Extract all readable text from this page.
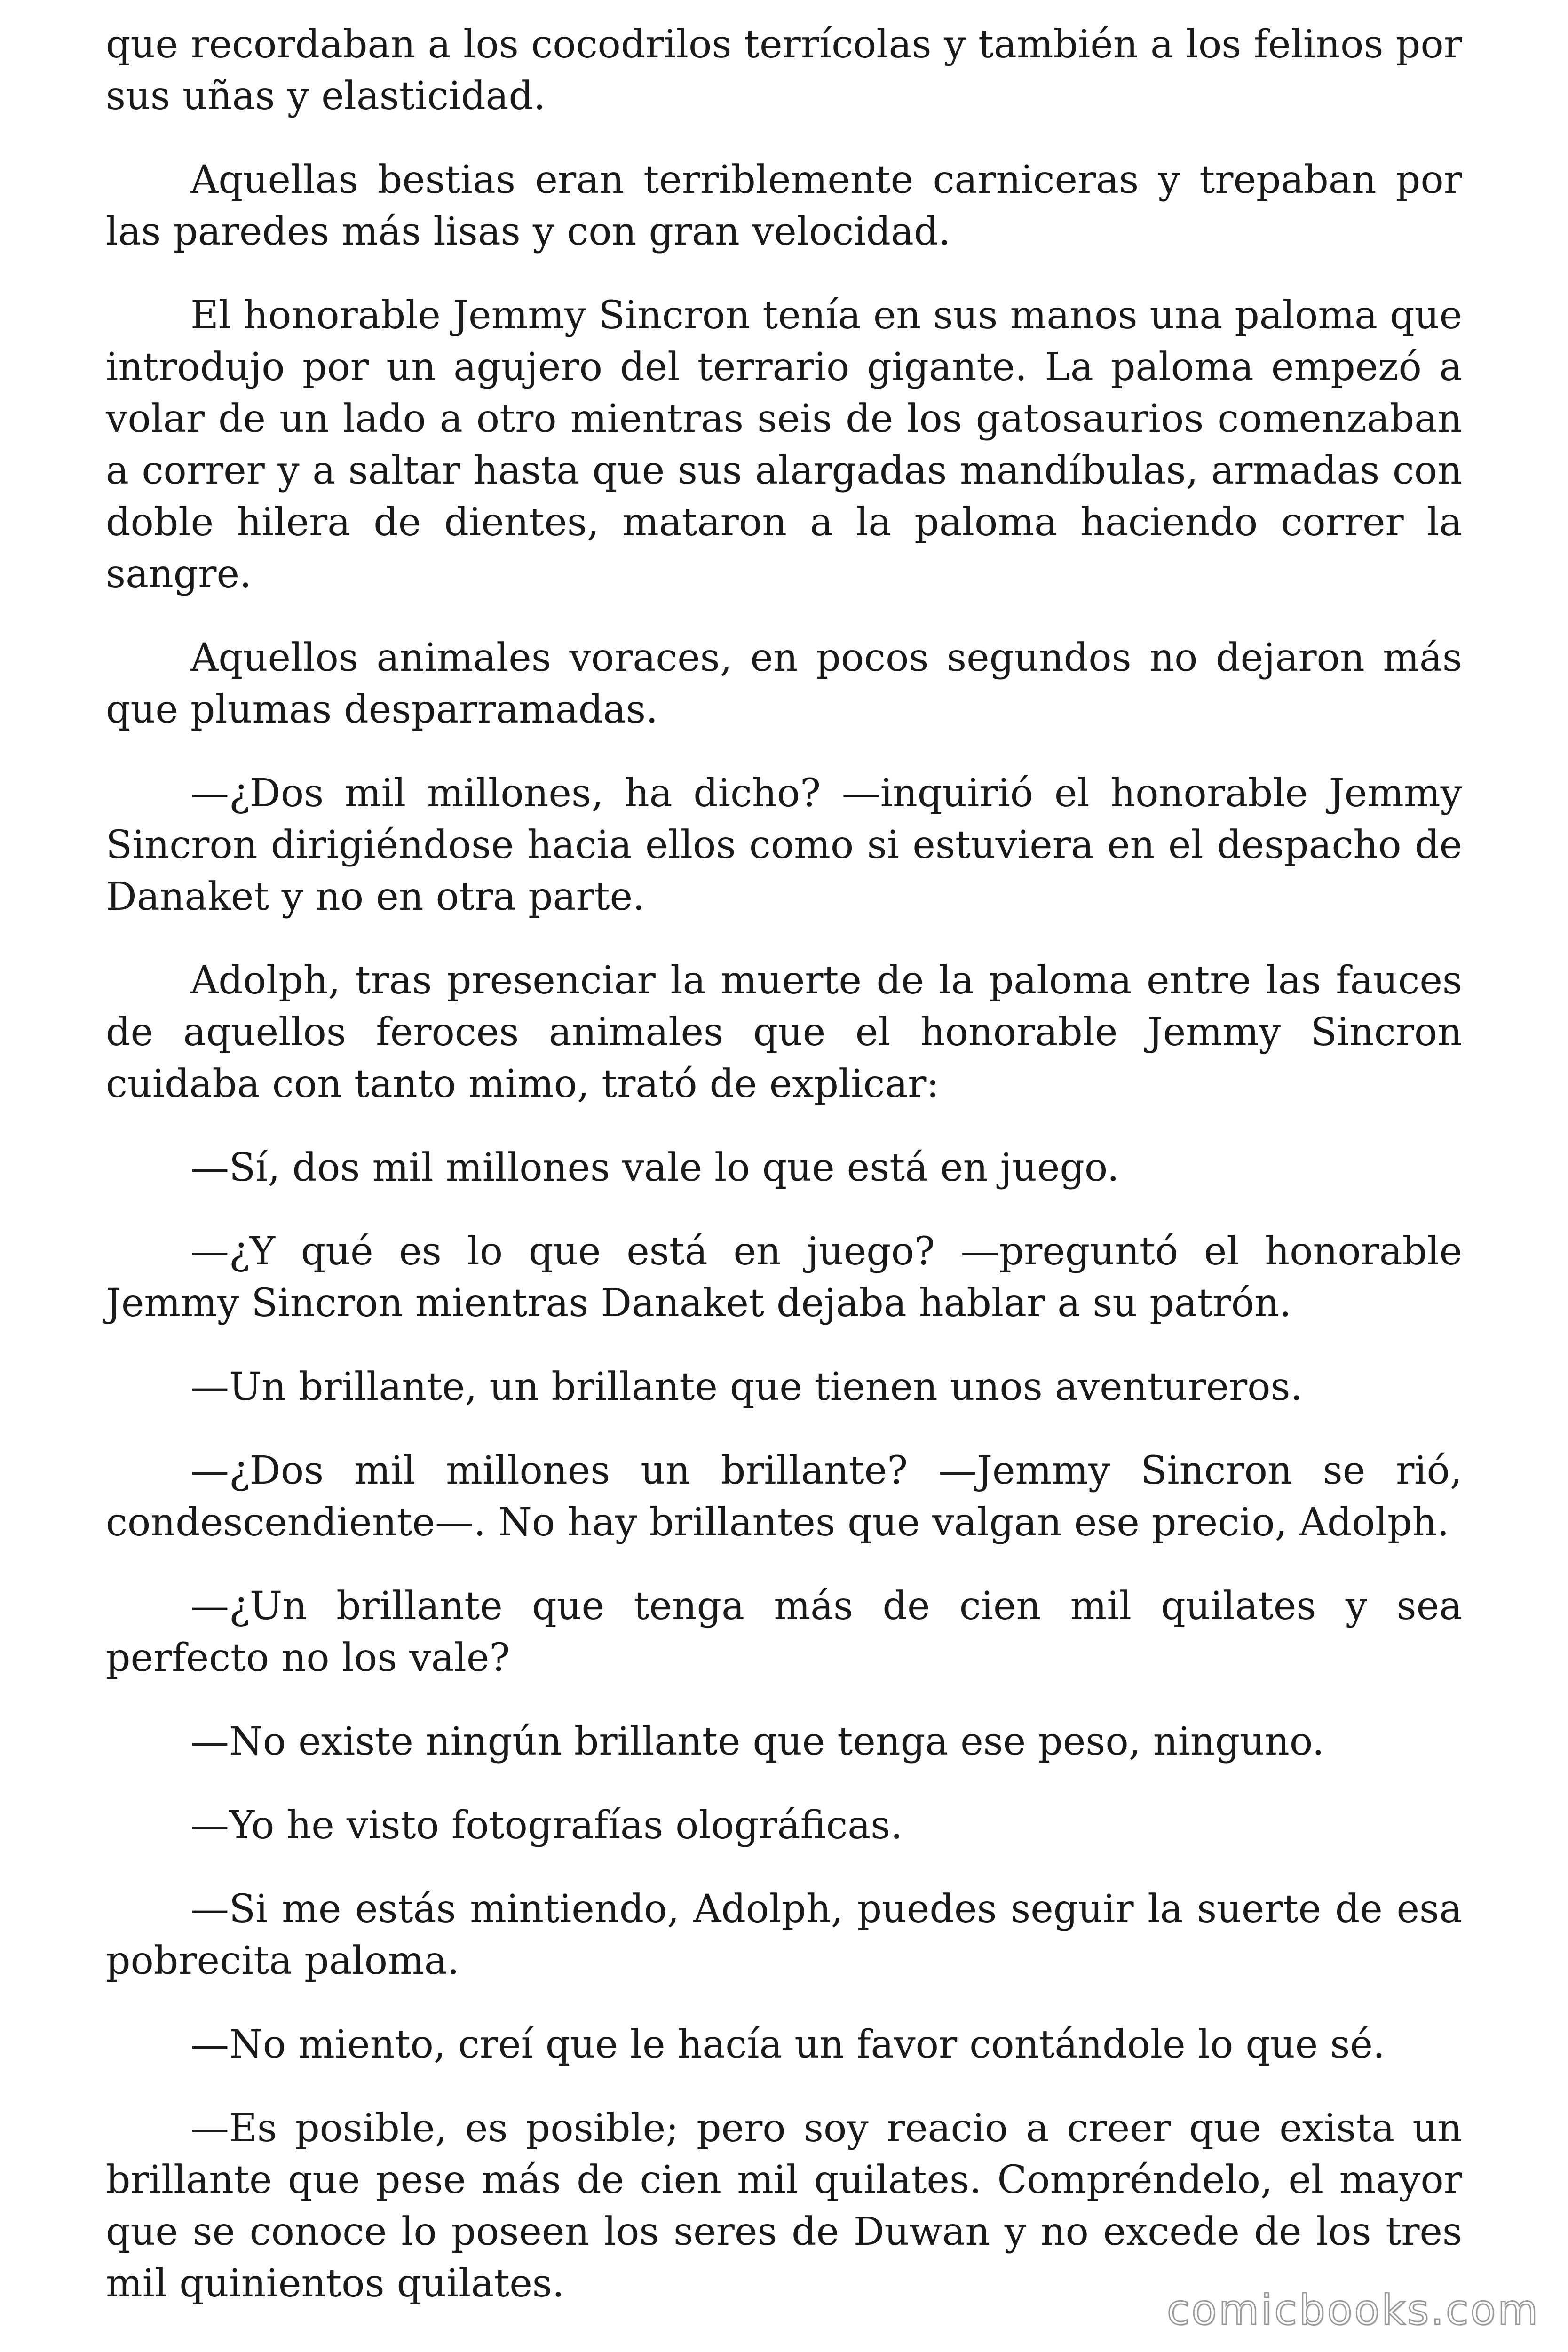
que recordaban a los cocodrilos terrícolas y también a los felinos por sus uñas y elasticidad.

Aquellas bestias eran terriblemente carniceras y trepaban por las paredes más lisas y con gran velocidad.

El honorable Jemmy Sincron tenía en sus manos una paloma que introdujo por un agujero del terrario gigante. La paloma empezó a volar de un lado a otro mientras seis de los gatosaurios comenzaban a correr y a saltar hasta que sus alargadas mandíbulas, armadas con doble hilera de dientes, mataron a la paloma haciendo correr la sangre.

Aquellos animales voraces, en pocos segundos no dejaron más que plumas desparramadas.

—¿Dos mil millones, ha dicho? —inquirió el honorable Jemmy Sincron dirigiéndose hacia ellos como si estuviera en el despacho de Danaket y no en otra parte.

Adolph, tras presenciar la muerte de la paloma entre las fauces de aquellos feroces animales que el honorable Jemmy Sincron cuidaba con tanto mimo, trató de explicar:

—Sí, dos mil millones vale lo que está en juego.

—¿Y qué es lo que está en juego? —preguntó el honorable Jemmy Sincron mientras Danaket dejaba hablar a su patrón.

—Un brillante, un brillante que tienen unos aventureros.

—¿Dos mil millones un brillante? —Jemmy Sincron se rió, condescendiente—. No hay brillantes que valgan ese precio, Adolph.

—¿Un brillante que tenga más de cien mil quilates y sea perfecto no los vale?

—No existe ningún brillante que tenga ese peso, ninguno.

—Yo he visto fotografías olográficas.

—Si me estás mintiendo, Adolph, puedes seguir la suerte de esa pobrecita paloma.

—No miento, creí que le hacía un favor contándole lo que sé.

—Es posible, es posible; pero soy reacio a creer que exista un brillante que pese más de cien mil quilates. Compréndelo, el mayor que se conoce lo poseen los seres de Duwan y no excede de los tres mil quinientos quilates.

comicbooks.com
